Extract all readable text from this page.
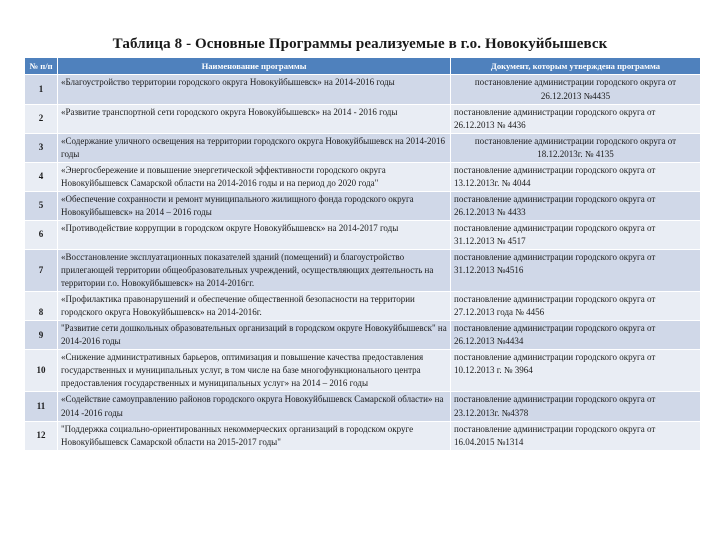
Таблица 8 - Основные Программы реализуемые в г.о. Новокуйбышевск
№ п/п	Наименование программы	Документ, которым утверждена программа
1	«Благоустройство территории городского округа Новокуйбышевск» на 2014-2016 годы	постановление администрации городского округа от 26.12.2013 №4435
2	«Развитие транспортной сети городского округа Новокуйбышевск» на 2014 - 2016 годы	постановление администрации городского округа от 26.12.2013 № 4436
3	«Содержание уличного освещения на территории городского округа Новокуйбышевск на 2014-2016 годы	постановление администрации городского округа от 18.12.2013г. № 4135
4	«Энергосбережение и повышение энергетической эффективности городского округа Новокуйбышевск Самарской области на 2014-2016 годы и на период до 2020 года"	постановление администрации городского округа от 13.12.2013г. № 4044
5	«Обеспечение сохранности и ремонт муниципального жилищного фонда городского округа Новокуйбышевск» на 2014 – 2016 годы	постановление администрации городского округа от 26.12.2013 № 4433
6	«Противодействие коррупции в городском округе Новокуйбышевск» на 2014-2017 годы	постановление администрации городского округа от 31.12.2013 № 4517
7	«Восстановление эксплуатационных показателей зданий (помещений) и благоустройство прилегающей территории общеобразовательных учреждений, осуществляющих деятельность на территории г.о. Новокуйбышевск» на 2014-2016гг.	постановление администрации городского округа от 31.12.2013 №4516
8	«Профилактика правонарушений и обеспечение общественной безопасности на территории городского округа Новокуйбышевск» на 2014-2016г.	постановление администрации городского округа от 27.12.2013 года № 4456
9	"Развитие сети дошкольных образовательных организаций в городском округе Новокуйбышевск" на 2014-2016 годы	постановление администрации городского округа от 26.12.2013 №4434
10	«Снижение административных барьеров, оптимизация и повышение качества предоставления государственных и муниципальных услуг, в том числе на базе многофункционального центра предоставления государственных и муниципальных услуг» на 2014 – 2016 годы	постановление администрации городского округа от 10.12.2013 г. № 3964
11	«Содействие самоуправлению районов городского округа Новокуйбышевск Самарской области» на 2014 -2016 годы	постановление администрации городского округа от 23.12.2013г. №4378
12	"Поддержка социально-ориентированных некоммерческих организаций в городском округе Новокуйбышевск Самарской области на 2015-2017 годы"	постановление администрации городского округа от 16.04.2015 №1314
